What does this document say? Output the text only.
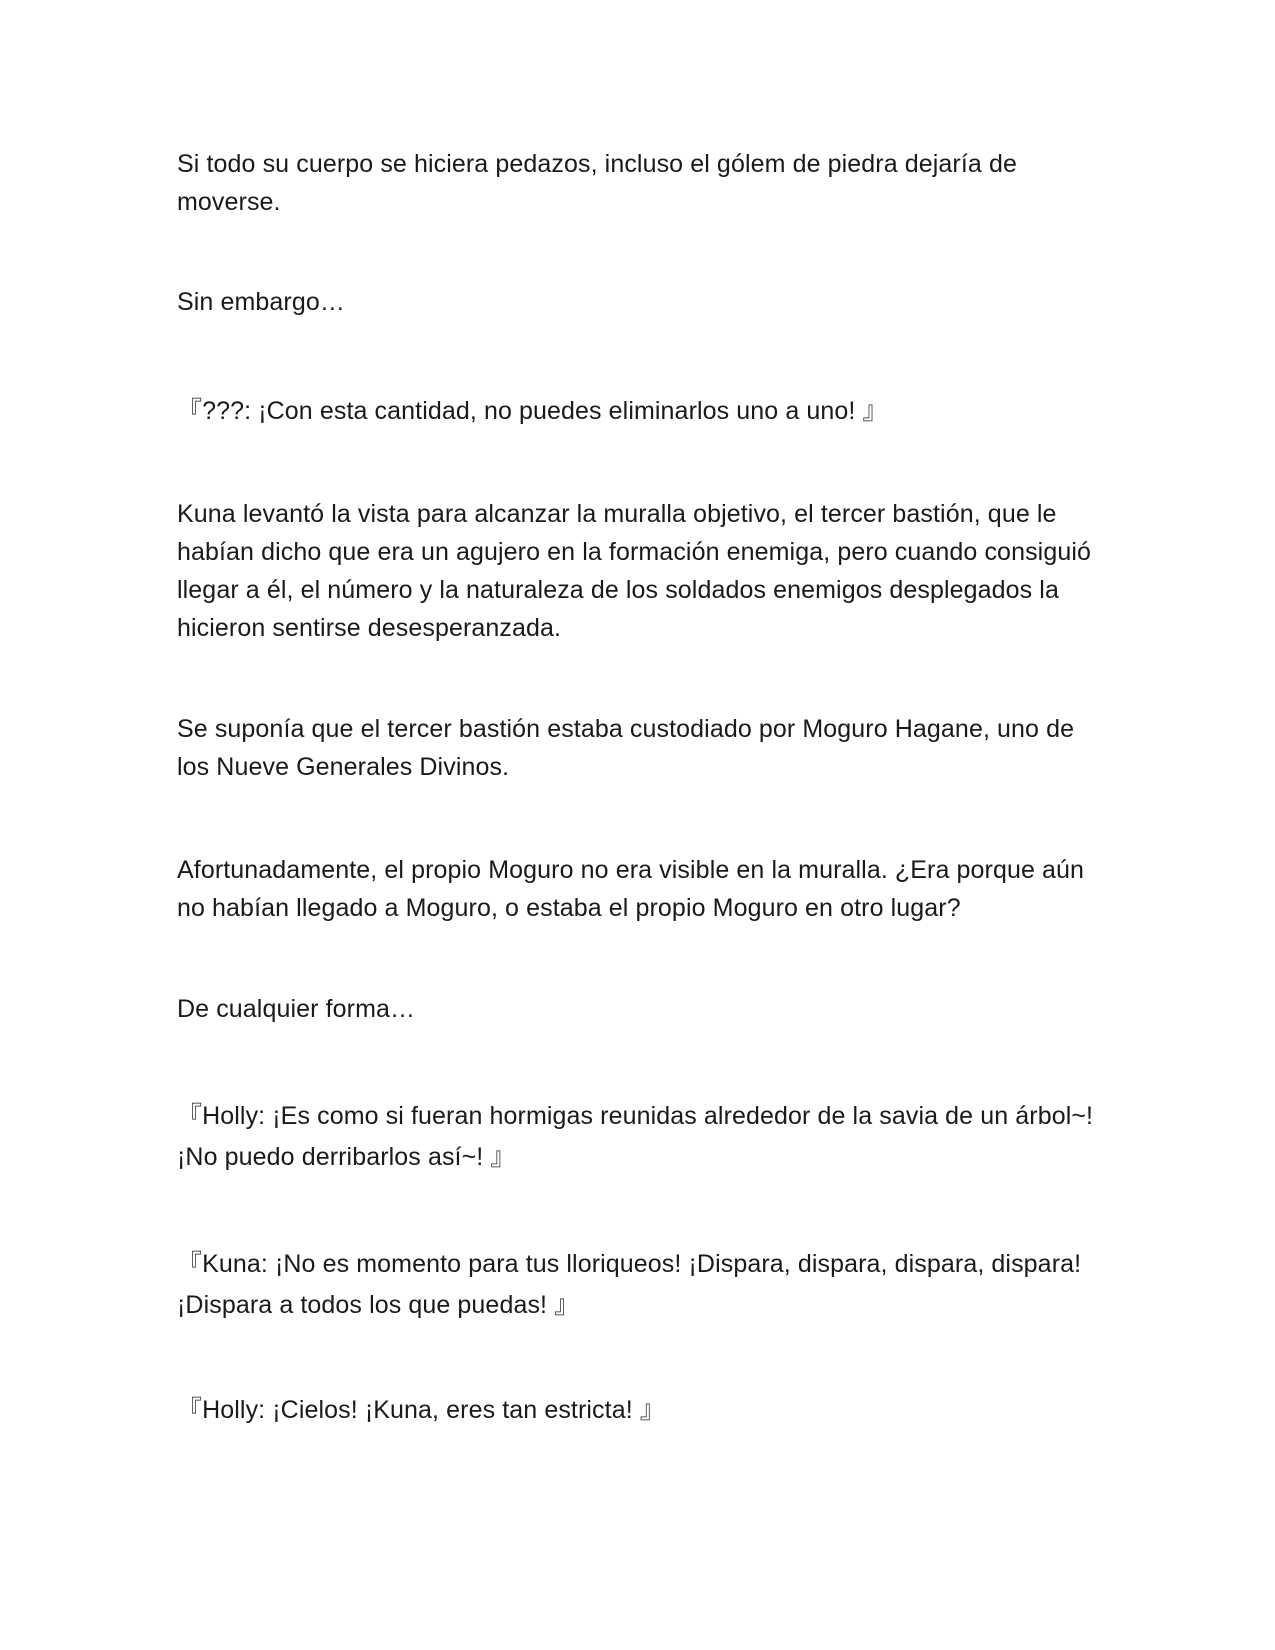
Si todo su cuerpo se hiciera pedazos, incluso el gólem de piedra dejaría de moverse.

Sin embargo…

『???: ¡Con esta cantidad, no puedes eliminarlos uno a uno! 』

Kuna levantó la vista para alcanzar la muralla objetivo, el tercer bastión, que le habían dicho que era un agujero en la formación enemiga, pero cuando consiguió llegar a él, el número y la naturaleza de los soldados enemigos desplegados la hicieron sentirse desesperanzada.

Se suponía que el tercer bastión estaba custodiado por Moguro Hagane, uno de los Nueve Generales Divinos.

Afortunadamente, el propio Moguro no era visible en la muralla. ¿Era porque aún no habían llegado a Moguro, o estaba el propio Moguro en otro lugar?

De cualquier forma…

『Holly: ¡Es como si fueran hormigas reunidas alrededor de la savia de un árbol~! ¡No puedo derribarlos así~! 』

『Kuna: ¡No es momento para tus lloriqueos! ¡Dispara, dispara, dispara, dispara! ¡Dispara a todos los que puedas! 』

『Holly: ¡Cielos! ¡Kuna, eres tan estricta! 』
